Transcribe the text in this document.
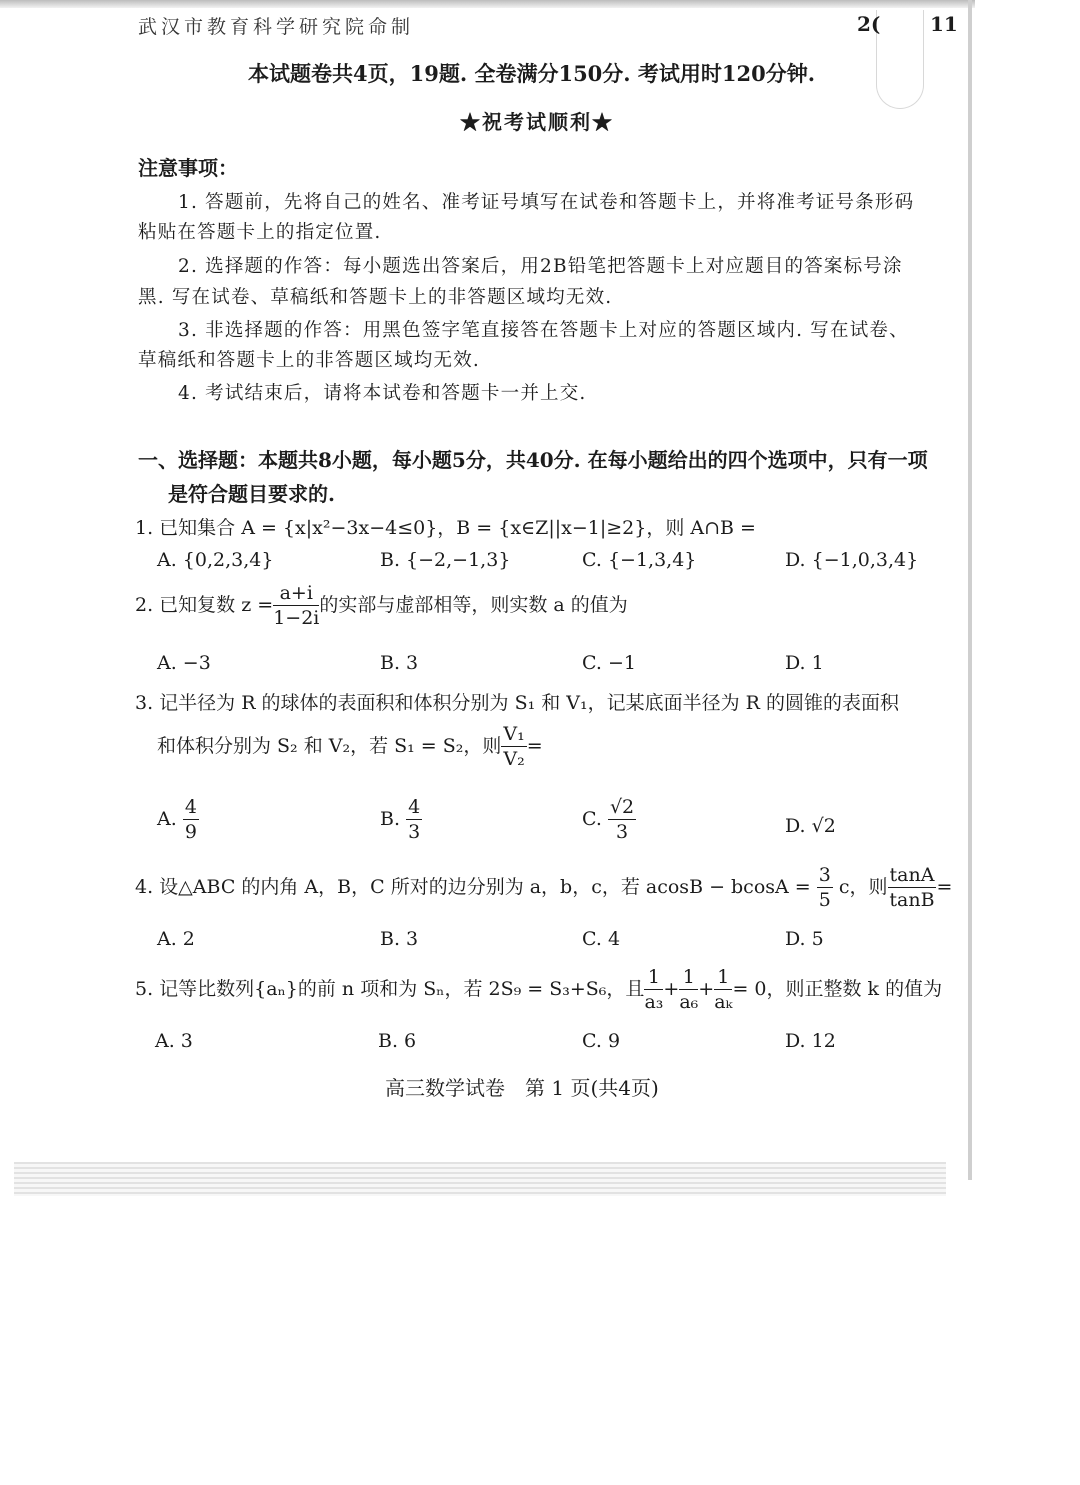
武汉市教育科学研究院命制	2( 11
本试题卷共4页，19题. 全卷满分150分. 考试用时120分钟.
★祝考试顺利★
注意事项：
1. 答题前，先将自己的姓名、准考证号填写在试卷和答题卡上，并将准考证号条形码
粘贴在答题卡上的指定位置.
2. 选择题的作答：每小题选出答案后，用2B铅笔把答题卡上对应题目的答案标号涂
黑. 写在试卷、草稿纸和答题卡上的非答题区域均无效.
3. 非选择题的作答：用黑色签字笔直接答在答题卡上对应的答题区域内. 写在试卷、
草稿纸和答题卡上的非答题区域均无效.
4. 考试结束后，请将本试卷和答题卡一并上交.
一、选择题：本题共8小题，每小题5分，共40分. 在每小题给出的四个选项中，只有一项
是符合题目要求的.
1. 已知集合 A = {x|x²−3x−4≤0}，B = {x∈Z||x−1|≥2}，则 A∩B =
A. {0,2,3,4}	B. {−2,−1,3}	C. {−1,3,4}	D. {−1,0,3,4}
2. 已知复数 $z = \frac{a+i}{1-2i}$ 的实部与虚部相等，则实数 a 的值为
A. −3	B. 3	C. −1	D. 1
3. 记半径为 R 的球体的表面积和体积分别为 S₁ 和 V₁，记某底面半径为 R 的圆锥的表面积
和体积分别为 S₂ 和 V₂，若 S₁ = S₂，则 $\frac{\text{V₁}}{\text{V₂}}$ =
A. $\frac{4}{9}$	B. $\frac{4}{3}$	C. $\frac{√2}{3}$	D. √2
4. 设△ABC 的内角 A，B，C 所对的边分别为 a，b，c，若 $acosB - bcosA = \frac{3}{5}$ c，则 $\frac{\tan A}{\tan B}$ =
A. 2	B. 3	C. 4	D. 5
5. 记等比数列{aₙ}的前 n 项和为 Sₙ，若 2S₉ = S₃+S₆，且 $\frac{1}{\text{a₃}} + \frac{1}{\text{a₆}} + \frac{1}{\text{aₖ}} = 0$，则正整数 k 的值为
A. 3	B. 6	C. 9	D. 12
高三数学试卷　第 1 页(共4页)
